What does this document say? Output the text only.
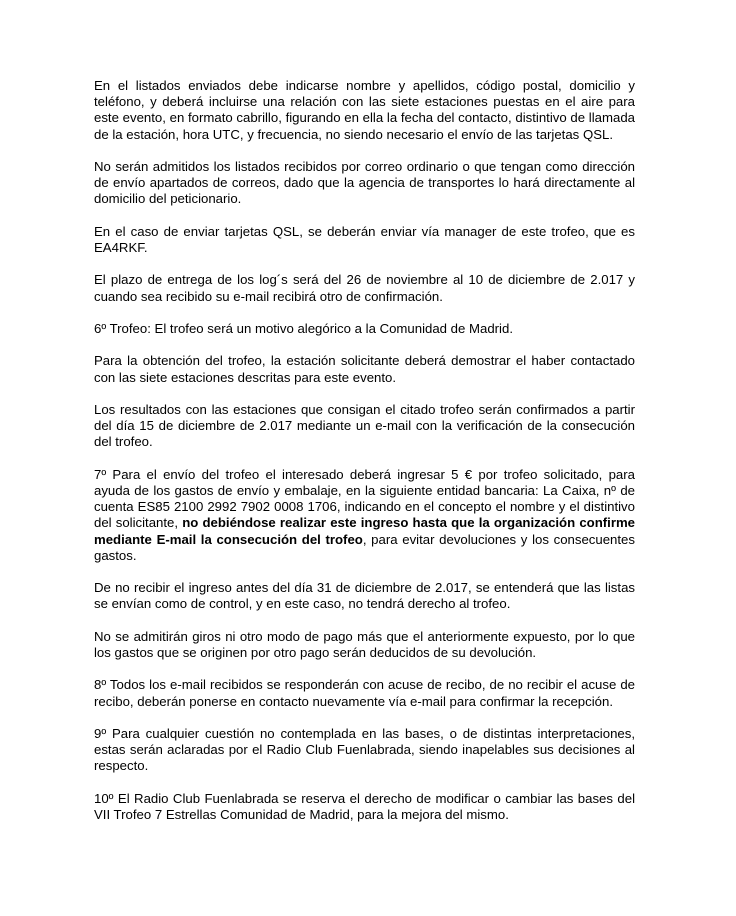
En el listados enviados debe indicarse nombre y apellidos, código postal, domicilio y teléfono, y deberá incluirse una relación con las siete estaciones puestas en el aire para este evento, en formato cabrillo, figurando en ella la fecha del contacto, distintivo de llamada de la estación, hora UTC, y frecuencia, no siendo necesario el envío de las tarjetas QSL.

No serán admitidos los listados recibidos por correo ordinario o que tengan como dirección de envío apartados de correos, dado que la agencia de transportes lo hará directamente al domicilio del peticionario.

En el caso de enviar tarjetas QSL, se deberán enviar vía manager de este trofeo, que es EA4RKF.

El plazo de entrega de los log´s será del 26 de noviembre al 10 de diciembre de 2.017 y cuando sea recibido su e-mail recibirá otro de confirmación.

6º Trofeo: El trofeo será un motivo alegórico a la Comunidad de Madrid.

Para la obtención del trofeo, la estación solicitante deberá demostrar el haber contactado con las siete estaciones descritas para este evento.

Los resultados con las estaciones que consigan el citado trofeo serán confirmados a partir del día 15 de diciembre de 2.017 mediante un e-mail con la verificación de la consecución del trofeo.

7º Para el envío del trofeo el interesado deberá ingresar 5 € por trofeo solicitado, para ayuda de los gastos de envío y embalaje, en la siguiente entidad bancaria: La Caixa, nº de cuenta ES85 2100 2992 7902 0008 1706, indicando en el concepto el nombre y el distintivo del solicitante, no debiéndose realizar este ingreso hasta que la organización confirme mediante E-mail la consecución del trofeo, para evitar devoluciones y los consecuentes gastos.

De no recibir el ingreso antes del día 31 de diciembre de 2.017, se entenderá que las listas se envían como de control, y en este caso, no tendrá derecho al trofeo.

No se admitirán giros ni otro modo de pago más que el anteriormente expuesto, por lo que los gastos que se originen por otro pago serán deducidos de su devolución.

8º Todos los e-mail recibidos se responderán con acuse de recibo, de no recibir el acuse de recibo, deberán ponerse en contacto nuevamente vía e-mail para confirmar la recepción.

9º Para cualquier cuestión no contemplada en las bases, o de distintas interpretaciones, estas serán aclaradas por el Radio Club Fuenlabrada, siendo inapelables sus decisiones al respecto.

10º El Radio Club Fuenlabrada se reserva el derecho de modificar o cambiar las bases del VII Trofeo 7 Estrellas Comunidad de Madrid, para la mejora del mismo.
